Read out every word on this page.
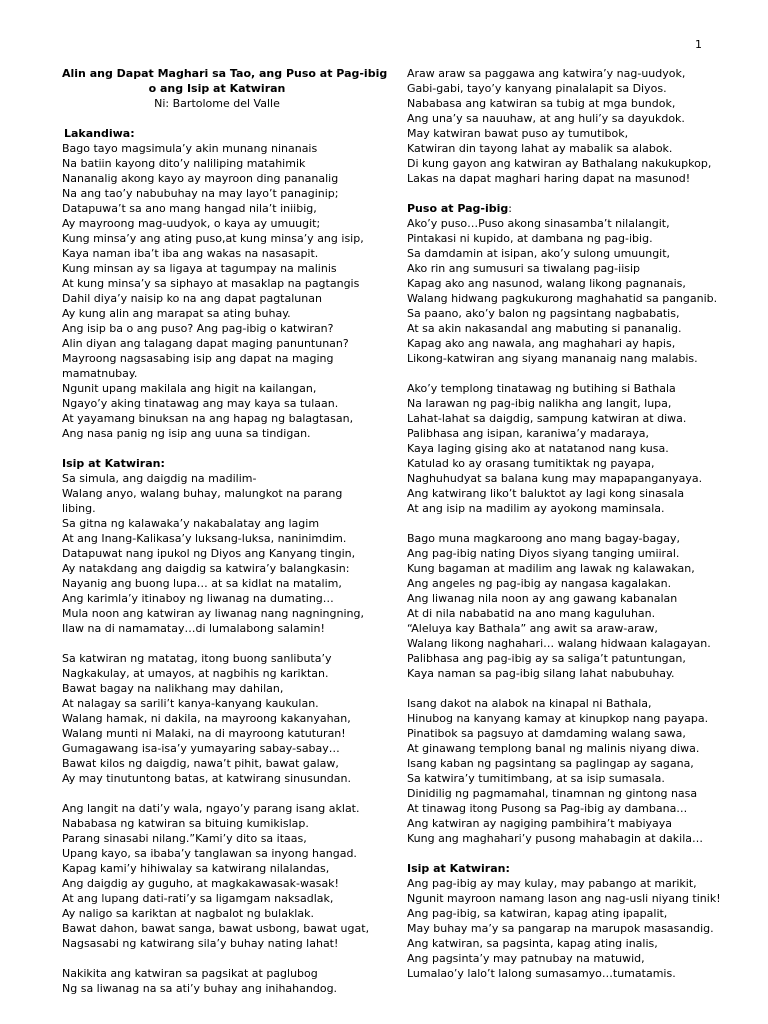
1
Alin ang Dapat Maghari sa Tao, ang Puso at Pag-ibig
o ang Isip at Katwiran
Ni: Bartolome del Valle
Lakandiwa:
Bago tayo magsimula’y akin munang ninanais
Na batiin kayong dito’y naliliping matahimik
Nananalig akong kayo ay mayroon ding pananalig
Na ang tao’y nabubuhay na may layo’t panaginip;
Datapuwa’t sa ano mang hangad nila’t iniibig,
Ay mayroong mag-uudyok, o kaya ay umuugit;
Kung minsa’y ang ating puso,at kung minsa’y ang isip,
Kaya naman iba’t iba ang wakas na nasasapit.
Kung minsan ay sa ligaya at tagumpay na malinis
At kung minsa’y sa siphayo at masaklap na pagtangis
Dahil diya’y naisip ko na ang dapat pagtalunan
Ay kung alin ang marapat sa ating buhay.
Ang isip ba o ang puso? Ang pag-ibig o katwiran?
Alin diyan ang talagang dapat maging panuntunan?
Mayroong nagsasabing isip ang dapat na maging
mamatnubay.
Ngunit upang makilala ang higit na kailangan,
Ngayo’y aking tinatawag ang may kaya sa tulaan.
At yayamang binuksan na ang hapag ng balagtasan,
Ang nasa panig ng isip ang uuna sa tindigan.
Isip at Katwiran:
Sa simula, ang daigdig na madilim-
Walang anyo, walang buhay, malungkot na parang
libing.
Sa gitna ng kalawaka’y nakabalatay ang lagim
At ang Inang-Kalikasa’y luksang-luksa, naninimdim.
Datapuwat nang ipukol ng Diyos ang Kanyang tingin,
Ay natakdang ang daigdig sa katwira’y balangkasin:
Nayanig ang buong lupa… at sa kidlat na matalim,
Ang karimla’y itinaboy ng liwanag na dumating…
Mula noon ang katwiran ay liwanag nang nagningning,
Ilaw na di namamatay…di lumalabong salamin!
Sa katwiran ng matatag, itong buong sanlibuta’y
Nagkakulay, at umayos, at nagbihis ng kariktan.
Bawat bagay na nalikhang may dahilan,
At nalagay sa sarili’t kanya-kanyang kaukulan.
Walang hamak, ni dakila, na mayroong kakanyahan,
Walang munti ni Malaki, na di mayroong katuturan!
Gumagawang isa-isa’y yumayaring sabay-sabay…
Bawat kilos ng daigdig, nawa’t pihit, bawat galaw,
Ay may tinutuntong batas, at katwirang sinusundan.
Ang langit na dati’y wala, ngayo’y parang isang aklat.
Nababasa ng katwiran sa bituing kumikislap.
Parang sinasabi nilang.”Kami’y dito sa itaas,
Upang kayo, sa ibaba’y tanglawan sa inyong hangad.
Kapag kami’y hihiwalay sa katwirang nilalandas,
Ang daigdig ay guguho, at magkakawasak-wasak!
At ang lupang dati-rati’y sa ligamgam naksadlak,
Ay naligo sa kariktan at nagbalot ng bulaklak.
Bawat dahon, bawat sanga, bawat usbong, bawat ugat,
Nagsasabi ng katwirang sila’y buhay nating lahat!
Nakikita ang katwiran sa pagsikat at paglubog
Ng sa liwanag na sa ati’y buhay ang inihahandog.
Araw araw sa paggawa ang katwira’y nag-uudyok,
Gabi-gabi, tayo’y kanyang pinalalapit sa Diyos.
Nababasa ang katwiran sa tubig at mga bundok,
Ang una’y sa nauuhaw, at ang huli’y sa dayukdok.
May katwiran bawat puso ay tumutibok,
Katwiran din tayong lahat ay mabalik sa alabok.
Di kung gayon ang katwiran ay Bathalang nakukupkop,
Lakas na dapat maghari haring dapat na masunod!
Puso at Pag-ibig:
Ako’y puso…Puso akong sinasamba’t nilalangit,
Pintakasi ni kupido, at dambana ng pag-ibig.
Sa damdamin at isipan, ako’y sulong umuungit,
Ako rin ang sumusuri sa tiwalang pag-iisip
Kapag ako ang nasunod, walang likong pagnanais,
Walang hidwang pagkukurong maghahatid sa panganib.
Sa paano, ako’y balon ng pagsintang nagbabatis,
At sa akin nakasandal ang mabuting si pananalig.
Kapag ako ang nawala, ang maghahari ay hapis,
Likong-katwiran ang siyang mananaig nang malabis.
Ako’y templong tinatawag ng butihing si Bathala
Na larawan ng pag-ibig nalikha ang langit, lupa,
Lahat-lahat sa daigdig, sampung katwiran at diwa.
Palibhasa ang isipan, karaniwa’y madaraya,
Kaya laging gising ako at natatanod nang kusa.
Katulad ko ay orasang tumitiktak ng payapa,
Naghuhudyat sa balana kung may mapapanganyaya.
Ang katwirang liko’t baluktot ay lagi kong sinasala
At ang isip na madilim ay ayokong maminsala.
Bago muna magkaroong ano mang bagay-bagay,
Ang pag-ibig nating Diyos siyang tanging umiiral.
Kung bagaman at madilim ang lawak ng kalawakan,
Ang angeles ng pag-ibig ay nangasa kagalakan.
Ang liwanag nila noon ay ang gawang kabanalan
At di nila nababatid na ano mang kaguluhan.
“Aleluya kay Bathala” ang awit sa araw-araw,
Walang likong naghahari… walang hidwaan kalagayan.
Palibhasa ang pag-ibig ay sa saliga’t patuntungan,
Kaya naman sa pag-ibig silang lahat nabubuhay.
Isang dakot na alabok na kinapal ni Bathala,
Hinubog na kanyang kamay at kinupkop nang payapa.
Pinatibok sa pagsuyo at damdaming walang sawa,
At ginawang templong banal ng malinis niyang diwa.
Isang kaban ng pagsintang sa paglingap ay sagana,
Sa katwira’y tumitimbang, at sa isip sumasala.
Dinidilig ng pagmamahal, tinamnan ng gintong nasa
At tinawag itong Pusong sa Pag-ibig ay dambana…
Ang katwiran ay nagiging pambihira’t mabiyaya
Kung ang maghahari’y pusong mahabagin at dakila…
Isip at Katwiran:
Ang pag-ibig ay may kulay, may pabango at marikit,
Ngunit mayroon namang lason ang nag-usli niyang tinik!
Ang pag-ibig, sa katwiran, kapag ating ipapalit,
May buhay ma’y sa pangarap na marupok masasandig.
Ang katwiran, sa pagsinta, kapag ating inalis,
Ang pagsinta’y may patnubay na matuwid,
Lumalao’y lalo’t lalong sumasamyo…tumatamis.
